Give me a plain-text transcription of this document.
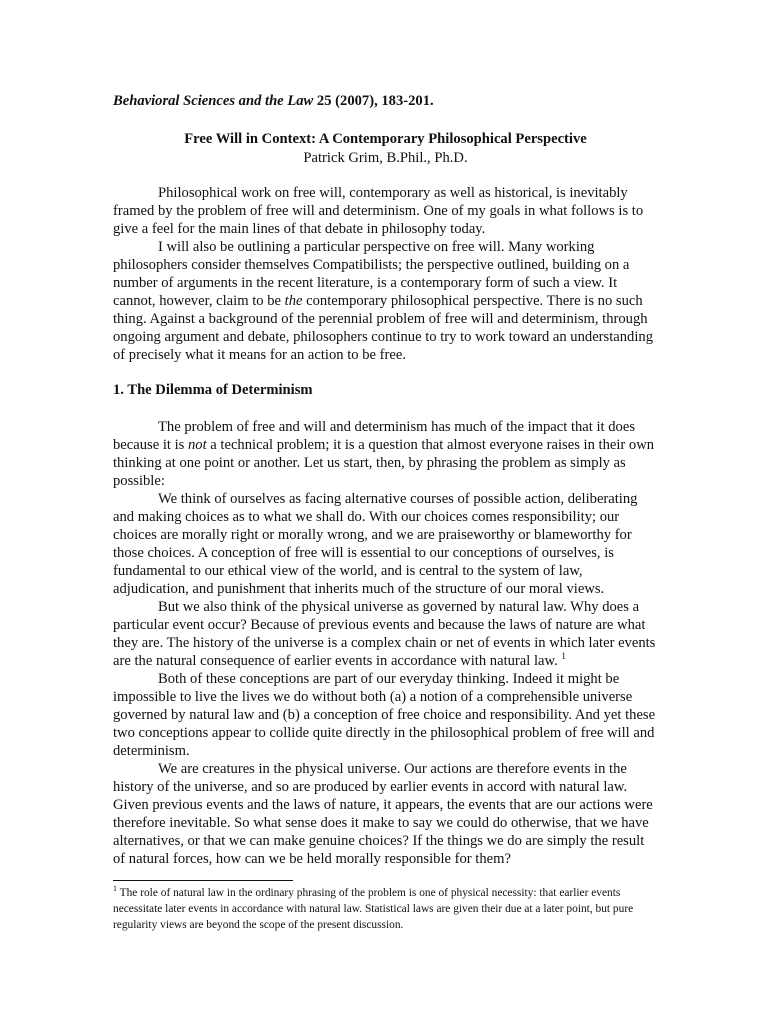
Behavioral Sciences and the Law 25 (2007), 183-201.
Free Will in Context: A Contemporary Philosophical Perspective
Patrick Grim, B.Phil., Ph.D.

Philosophical work on free will, contemporary as well as historical, is inevitably framed by the problem of free will and determinism. One of my goals in what follows is to give a feel for the main lines of that debate in philosophy today.

I will also be outlining a particular perspective on free will. Many working philosophers consider themselves Compatibilists; the perspective outlined, building on a number of arguments in the recent literature, is a contemporary form of such a view. It cannot, however, claim to be the contemporary philosophical perspective. There is no such thing. Against a background of the perennial problem of free will and determinism, through ongoing argument and debate, philosophers continue to try to work toward an understanding of precisely what it means for an action to be free.

1. The Dilemma of Determinism

The problem of free and will and determinism has much of the impact that it does because it is not a technical problem; it is a question that almost everyone raises in their own thinking at one point or another. Let us start, then, by phrasing the problem as simply as possible:

We think of ourselves as facing alternative courses of possible action, deliberating and making choices as to what we shall do. With our choices comes responsibility; our choices are morally right or morally wrong, and we are praiseworthy or blameworthy for those choices. A conception of free will is essential to our conceptions of ourselves, is fundamental to our ethical view of the world, and is central to the system of law, adjudication, and punishment that inherits much of the structure of our moral views.

But we also think of the physical universe as governed by natural law. Why does a particular event occur? Because of previous events and because the laws of nature are what they are. The history of the universe is a complex chain or net of events in which later events are the natural consequence of earlier events in accordance with natural law. $^1$

Both of these conceptions are part of our everyday thinking. Indeed it might be impossible to live the lives we do without both (a) a notion of a comprehensible universe governed by natural law and (b) a conception of free choice and responsibility. And yet these two conceptions appear to collide quite directly in the philosophical problem of free will and determinism.

We are creatures in the physical universe. Our actions are therefore events in the history of the universe, and so are produced by earlier events in accord with natural law. Given previous events and the laws of nature, it appears, the events that are our actions were therefore inevitable. So what sense does it make to say we could do otherwise, that we have alternatives, or that we can make genuine choices? If the things we do are simply the result of natural forces, how can we be held morally responsible for them?

$^1$ The role of natural law in the ordinary phrasing of the problem is one of physical necessity: that earlier events necessitate later events in accordance with natural law. Statistical laws are given their due at a later point, but pure regularity views are beyond the scope of the present discussion.
